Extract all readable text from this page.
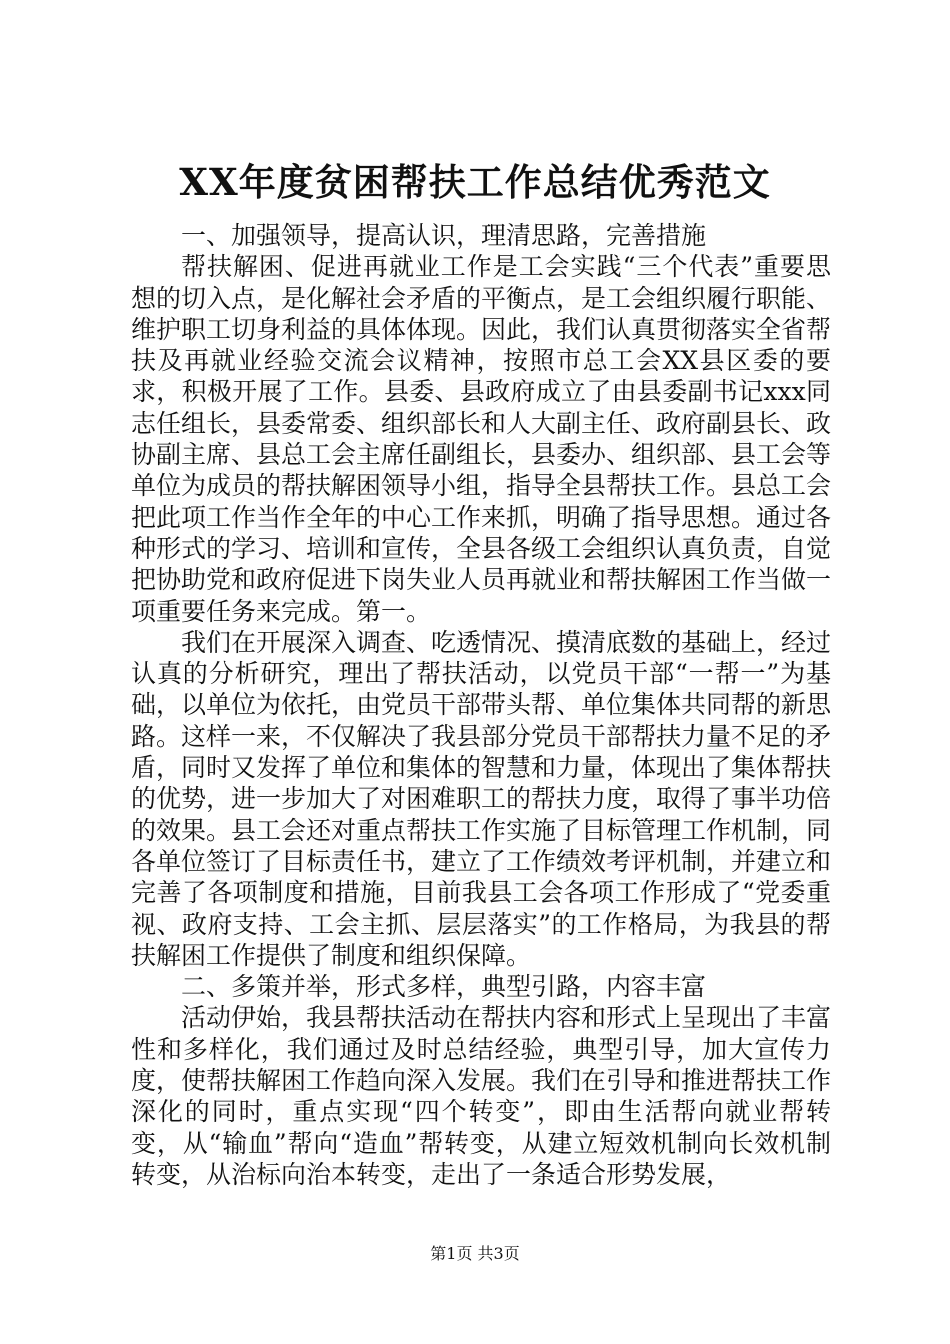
XX年度贫困帮扶工作总结优秀范文

一、加强领导，提高认识，理清思路，完善措施

帮扶解困、促进再就业工作是工会实践“三个代表”重要思想的切入点，是化解社会矛盾的平衡点，是工会组织履行职能、维护职工切身利益的具体体现。因此，我们认真贯彻落实全省帮扶及再就业经验交流会议精神，按照市总工会XX县区委的要求，积极开展了工作。县委、县政府成立了由县委副书记xxx同志任组长，县委常委、组织部长和人大副主任、政府副县长、政协副主席、县总工会主席任副组长，县委办、组织部、县工会等单位为成员的帮扶解困领导小组，指导全县帮扶工作。县总工会把此项工作当作全年的中心工作来抓，明确了指导思想。通过各种形式的学习、培训和宣传，全县各级工会组织认真负责，自觉把协助党和政府促进下岗失业人员再就业和帮扶解困工作当做一项重要任务来完成。第一。

我们在开展深入调查、吃透情况、摸清底数的基础上，经过认真的分析研究，理出了帮扶活动，以党员干部“一帮一”为基础，以单位为依托，由党员干部带头帮、单位集体共同帮的新思路。这样一来，不仅解决了我县部分党员干部帮扶力量不足的矛盾，同时又发挥了单位和集体的智慧和力量，体现出了集体帮扶的优势，进一步加大了对困难职工的帮扶力度，取得了事半功倍的效果。县工会还对重点帮扶工作实施了目标管理工作机制，同各单位签订了目标责任书，建立了工作绩效考评机制，并建立和完善了各项制度和措施，目前我县工会各项工作形成了“党委重视、政府支持、工会主抓、层层落实”的工作格局，为我县的帮扶解困工作提供了制度和组织保障。

二、多策并举，形式多样，典型引路，内容丰富

活动伊始，我县帮扶活动在帮扶内容和形式上呈现出了丰富性和多样化，我们通过及时总结经验，典型引导，加大宣传力度，使帮扶解困工作趋向深入发展。我们在引导和推进帮扶工作深化的同时，重点实现“四个转变”，即由生活帮向就业帮转变，从“输血”帮向“造血”帮转变，从建立短效机制向长效机制转变，从治标向治本转变，走出了一条适合形势发展，

第1页 共3页
